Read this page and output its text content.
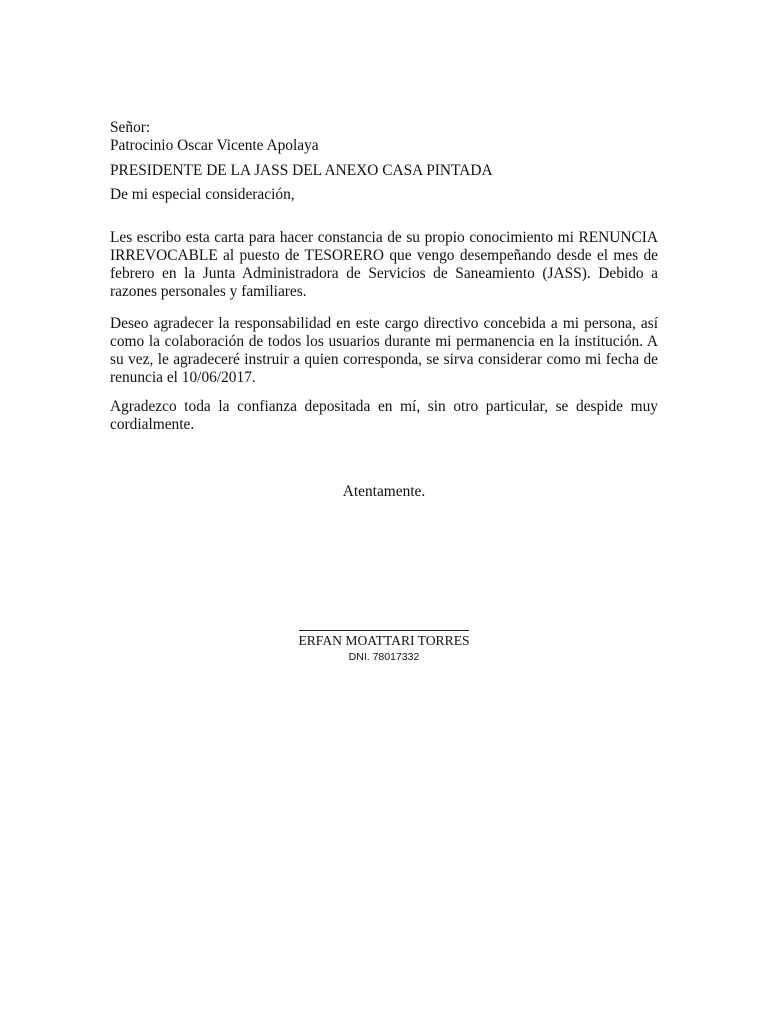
Señor:

Patrocinio Oscar Vicente Apolaya

PRESIDENTE DE LA JASS DEL ANEXO CASA PINTADA

De mi especial consideración,

Les escribo esta carta para hacer constancia de su propio conocimiento mi RENUNCIA IRREVOCABLE al puesto de TESORERO que vengo desempeñando desde el mes de febrero en la Junta Administradora de Servicios de Saneamiento (JASS). Debido a razones personales y familiares.

Deseo agradecer la responsabilidad en este cargo directivo concebida a mi persona, así como la colaboración de todos los usuarios durante mi permanencia en la institución. A su vez, le agradeceré instruir a quien corresponda, se sirva considerar como mi fecha de renuncia el 10/06/2017.

Agradezco toda la confianza depositada en mí, sin otro particular, se despide muy cordialmente.

Atentamente.

ERFAN MOATTARI TORRES

DNI. 78017332
